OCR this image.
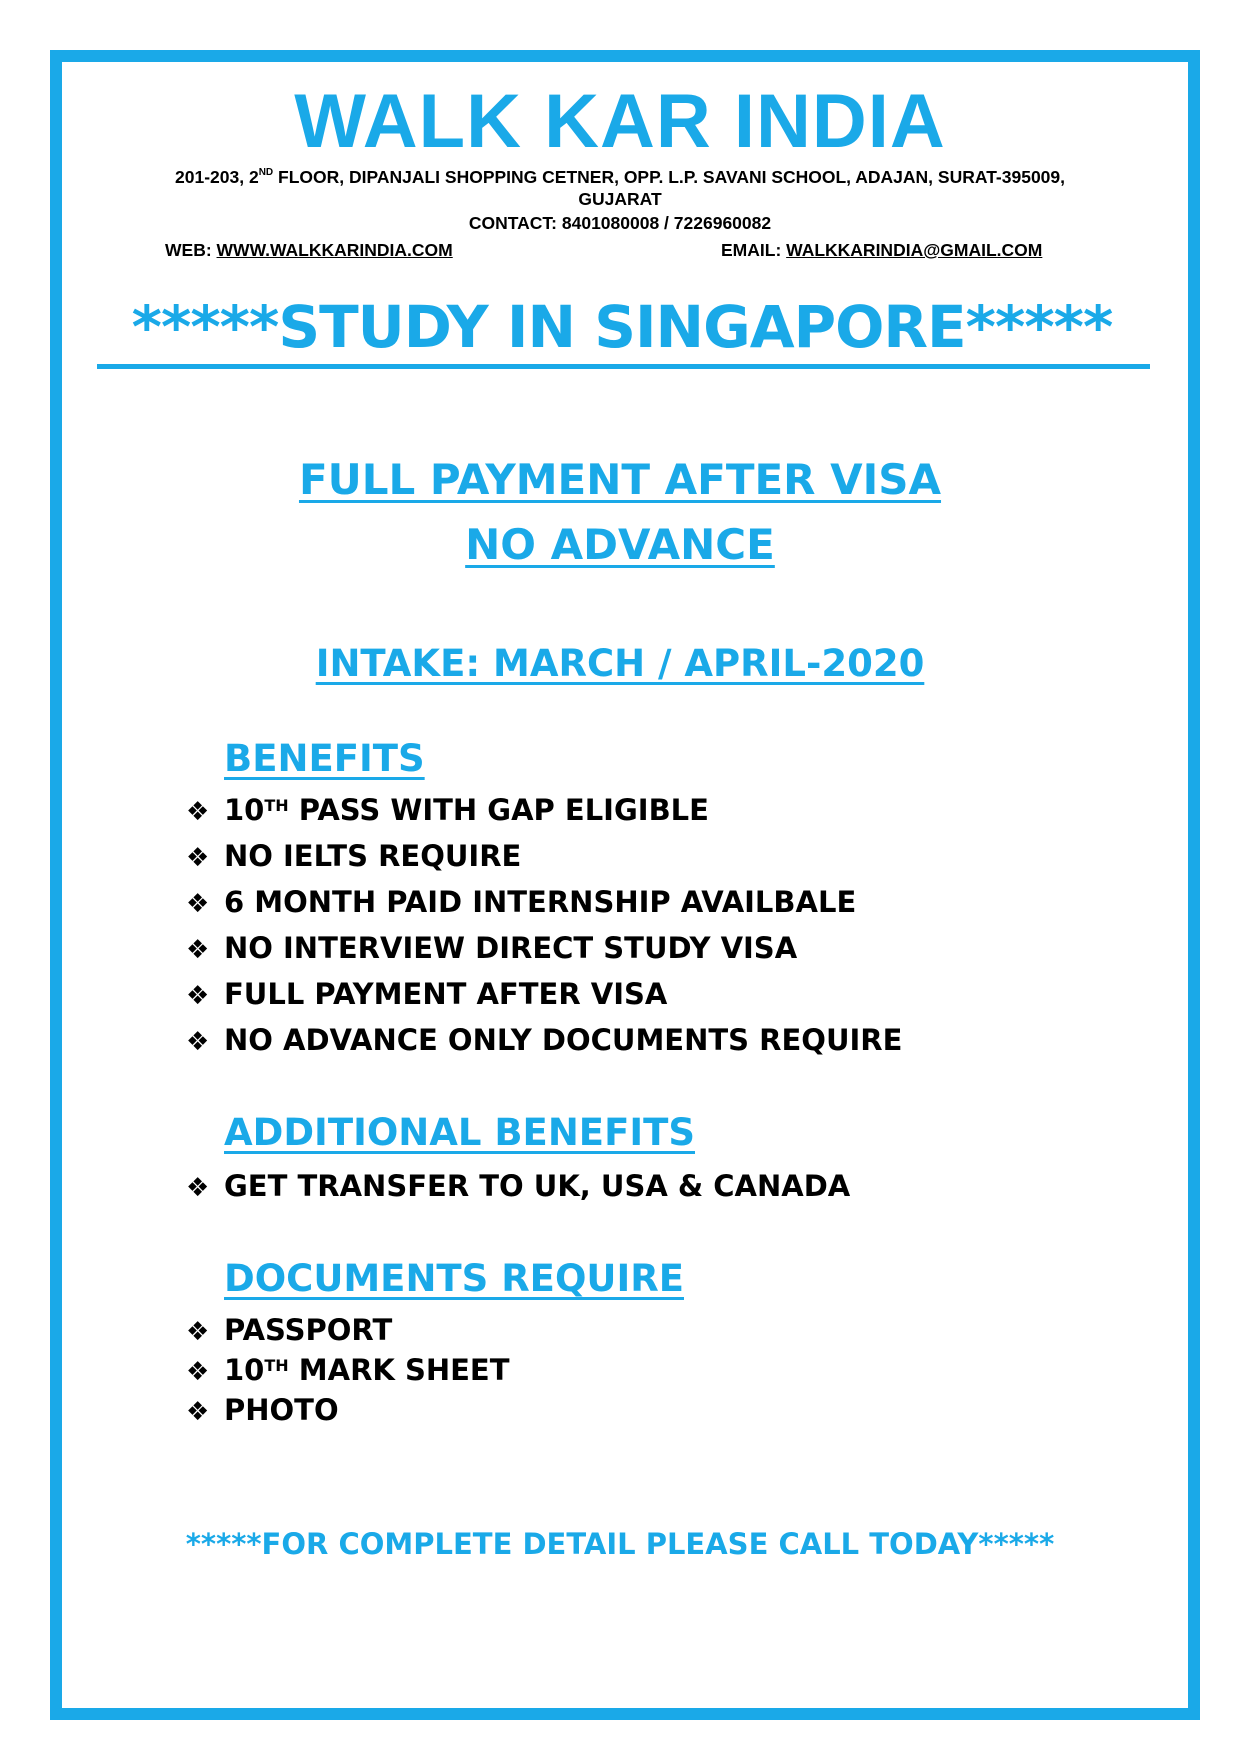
WALK KAR INDIA
201-203, 2ND FLOOR, DIPANJALI SHOPPING CETNER, OPP. L.P. SAVANI SCHOOL, ADAJAN, SURAT-395009,
GUJARAT
CONTACT: 8401080008 / 7226960082
WEB: WWW.WALKKARINDIA.COM	EMAIL: WALKKARINDIA@GMAIL.COM
*****STUDY IN SINGAPORE*****
FULL PAYMENT AFTER VISA
NO ADVANCE
INTAKE: MARCH / APRIL-2020
BENEFITS
❖ 10TH PASS WITH GAP ELIGIBLE
❖ NO IELTS REQUIRE
❖ 6 MONTH PAID INTERNSHIP AVAILBALE
❖ NO INTERVIEW DIRECT STUDY VISA
❖ FULL PAYMENT AFTER VISA
❖ NO ADVANCE ONLY DOCUMENTS REQUIRE
ADDITIONAL BENEFITS
❖ GET TRANSFER TO UK, USA & CANADA
DOCUMENTS REQUIRE
❖ PASSPORT
❖ 10TH MARK SHEET
❖ PHOTO
*****FOR COMPLETE DETAIL PLEASE CALL TODAY*****
